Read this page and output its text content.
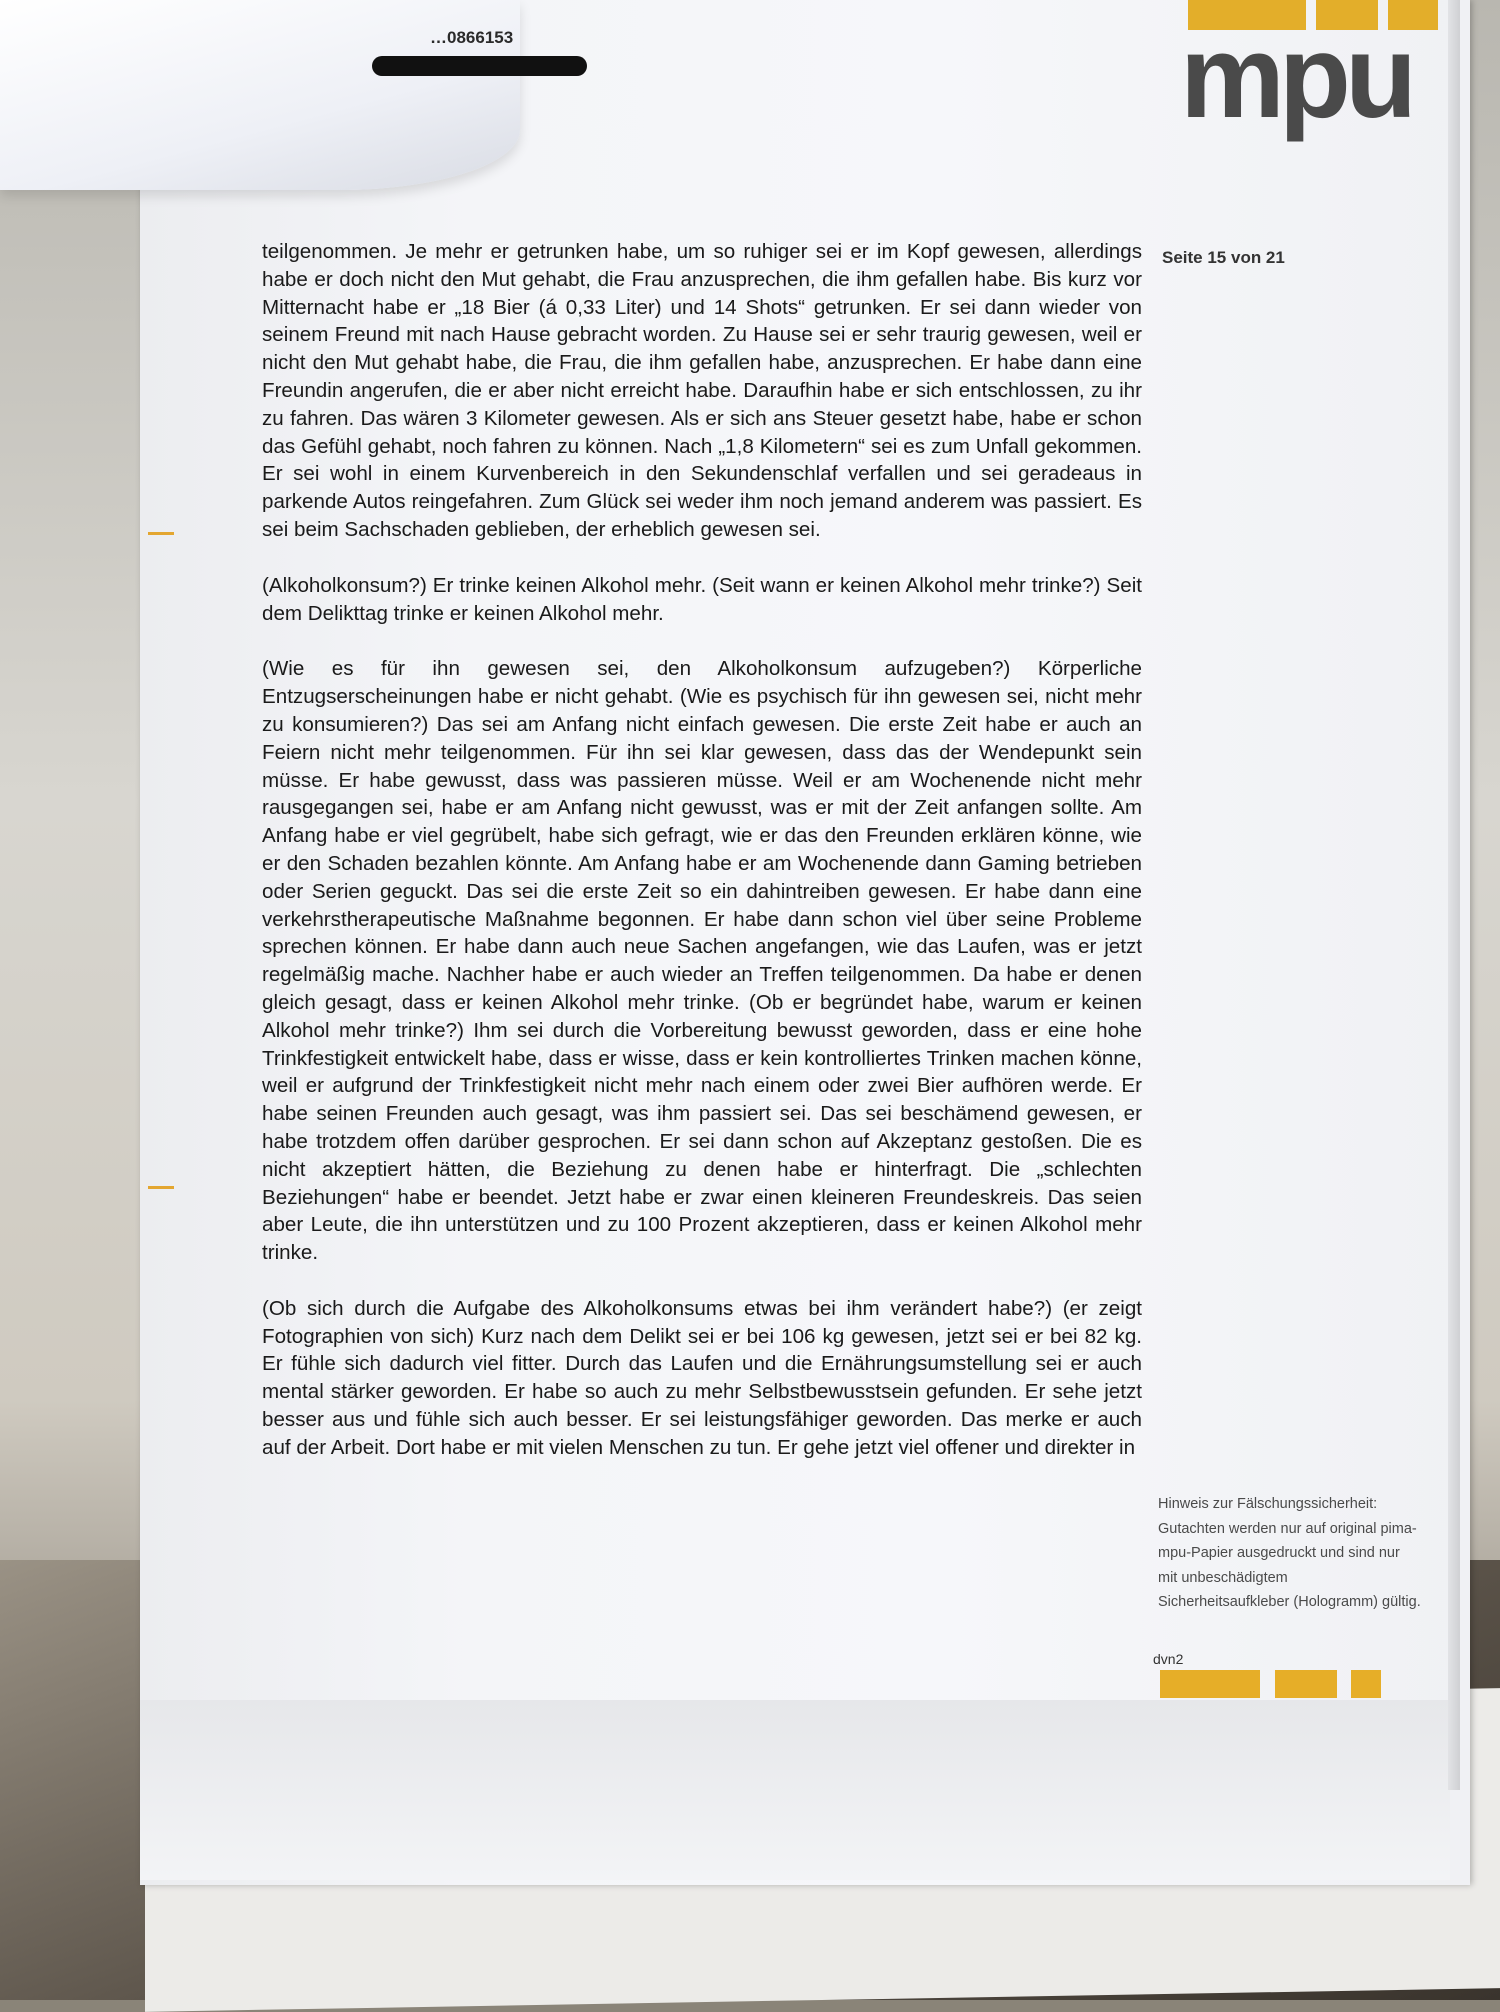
…0866153	mpu
Seite 15 von 21

teilgenommen. Je mehr er getrunken habe, um so ruhiger sei er im Kopf gewesen, allerdings habe er doch nicht den Mut gehabt, die Frau anzusprechen, die ihm gefallen habe. Bis kurz vor Mitternacht habe er „18 Bier (á 0,33 Liter) und 14 Shots“ getrunken. Er sei dann wieder von seinem Freund mit nach Hause gebracht worden. Zu Hause sei er sehr traurig gewesen, weil er nicht den Mut gehabt habe, die Frau, die ihm gefallen habe, anzusprechen. Er habe dann eine Freundin angerufen, die er aber nicht erreicht habe. Daraufhin habe er sich entschlossen, zu ihr zu fahren. Das wären 3 Kilometer gewesen. Als er sich ans Steuer gesetzt habe, habe er schon das Gefühl gehabt, noch fahren zu können. Nach „1,8 Kilometern“ sei es zum Unfall gekommen. Er sei wohl in einem Kurvenbereich in den Sekundenschlaf verfallen und sei geradeaus in parkende Autos reingefahren. Zum Glück sei weder ihm noch jemand anderem was passiert. Es sei beim Sachschaden geblieben, der erheblich gewesen sei.

(Alkoholkonsum?) Er trinke keinen Alkohol mehr. (Seit wann er keinen Alkohol mehr trinke?) Seit dem Delikttag trinke er keinen Alkohol mehr.

(Wie es für ihn gewesen sei, den Alkoholkonsum aufzugeben?) Körperliche Entzugserscheinungen habe er nicht gehabt. (Wie es psychisch für ihn gewesen sei, nicht mehr zu konsumieren?) Das sei am Anfang nicht einfach gewesen. Die erste Zeit habe er auch an Feiern nicht mehr teilgenommen. Für ihn sei klar gewesen, dass das der Wendepunkt sein müsse. Er habe gewusst, dass was passieren müsse. Weil er am Wochenende nicht mehr rausgegangen sei, habe er am Anfang nicht gewusst, was er mit der Zeit anfangen sollte. Am Anfang habe er viel gegrübelt, habe sich gefragt, wie er das den Freunden erklären könne, wie er den Schaden bezahlen könnte. Am Anfang habe er am Wochenende dann Gaming betrieben oder Serien geguckt. Das sei die erste Zeit so ein dahintreiben gewesen. Er habe dann eine verkehrstherapeutische Maßnahme begonnen. Er habe dann schon viel über seine Probleme sprechen können. Er habe dann auch neue Sachen angefangen, wie das Laufen, was er jetzt regelmäßig mache. Nachher habe er auch wieder an Treffen teilgenommen. Da habe er denen gleich gesagt, dass er keinen Alkohol mehr trinke. (Ob er begründet habe, warum er keinen Alkohol mehr trinke?) Ihm sei durch die Vorbereitung bewusst geworden, dass er eine hohe Trinkfestigkeit entwickelt habe, dass er wisse, dass er kein kontrolliertes Trinken machen könne, weil er aufgrund der Trinkfestigkeit nicht mehr nach einem oder zwei Bier aufhören werde. Er habe seinen Freunden auch gesagt, was ihm passiert sei. Das sei beschämend gewesen, er habe trotzdem offen darüber gesprochen. Er sei dann schon auf Akzeptanz gestoßen. Die es nicht akzeptiert hätten, die Beziehung zu denen habe er hinterfragt. Die „schlechten Beziehungen“ habe er beendet. Jetzt habe er zwar einen kleineren Freundeskreis. Das seien aber Leute, die ihn unterstützen und zu 100 Prozent akzeptieren, dass er keinen Alkohol mehr trinke.

(Ob sich durch die Aufgabe des Alkoholkonsums etwas bei ihm verändert habe?) (er zeigt Fotographien von sich) Kurz nach dem Delikt sei er bei 106 kg gewesen, jetzt sei er bei 82 kg. Er fühle sich dadurch viel fitter. Durch das Laufen und die Ernährungsumstellung sei er auch mental stärker geworden. Er habe so auch zu mehr Selbstbewusstsein gefunden. Er sehe jetzt besser aus und fühle sich auch besser. Er sei leistungsfähiger geworden. Das merke er auch auf der Arbeit. Dort habe er mit vielen Menschen zu tun. Er gehe jetzt viel offener und direkter in

Hinweis zur Fälschungssicherheit: Gutachten werden nur auf original pima-mpu-Papier ausgedruckt und sind nur mit unbeschädigtem Sicherheitsaufkleber (Hologramm) gültig.
dvn2
